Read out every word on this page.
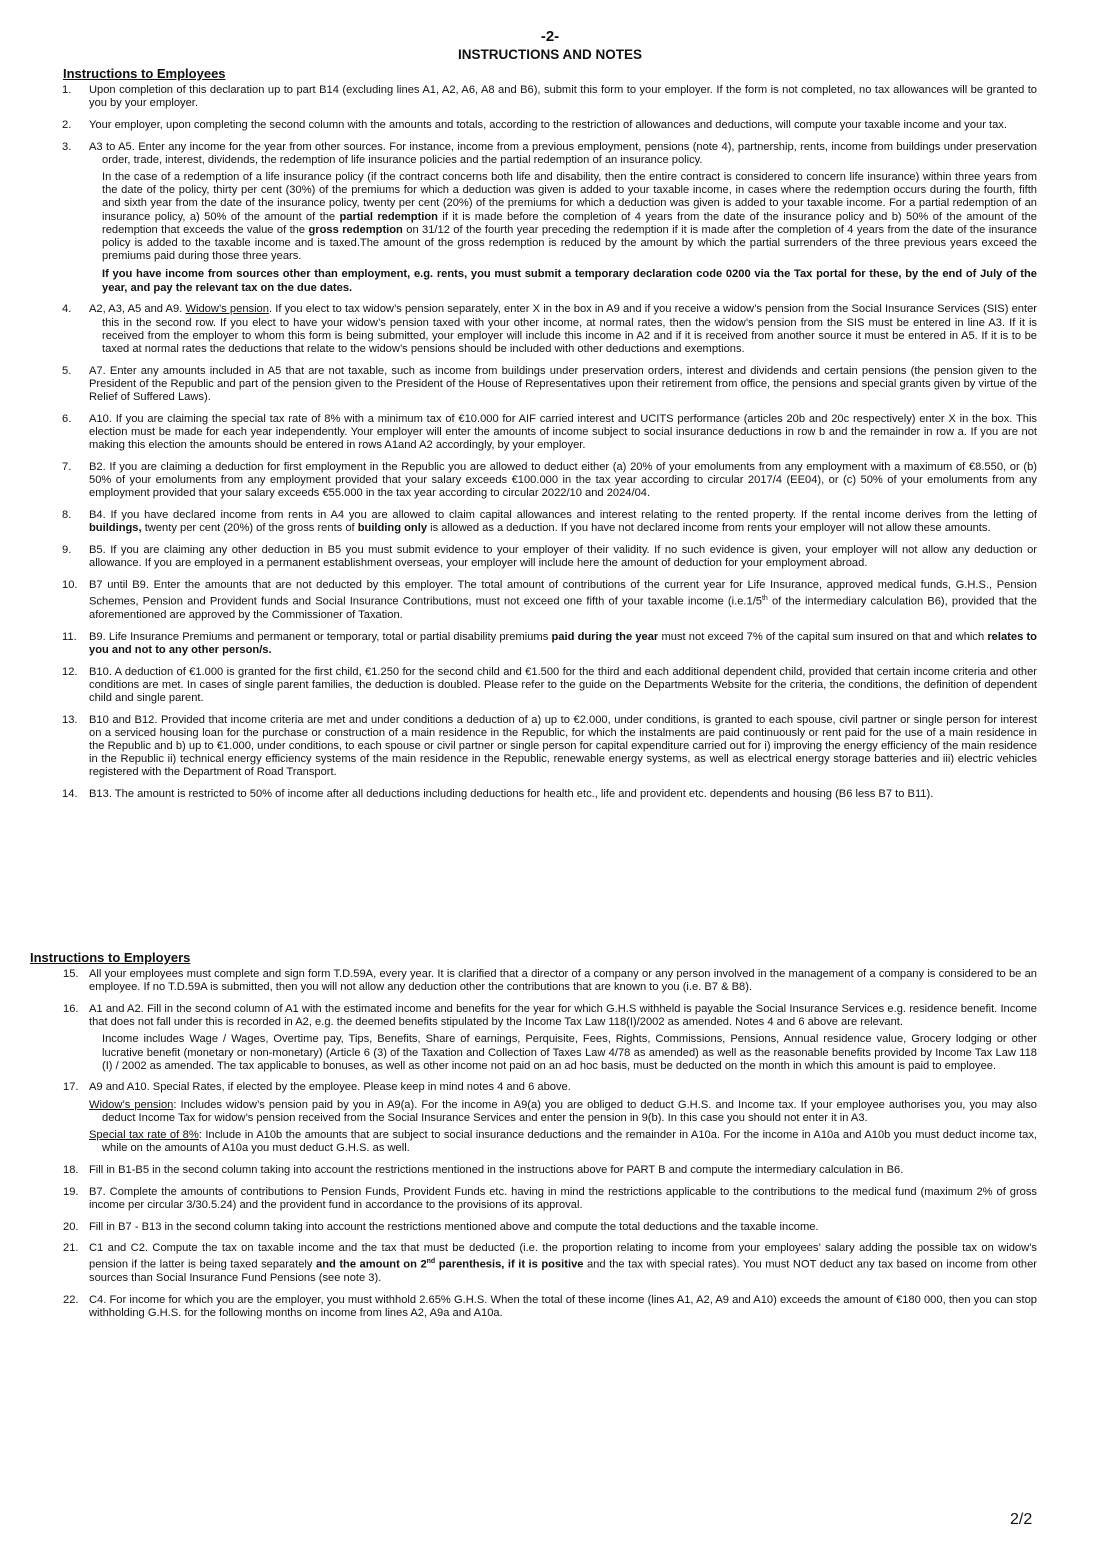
-2-
INSTRUCTIONS AND NOTES
Instructions to Employees
1. Upon completion of this declaration up to part B14 (excluding lines A1, A2, A6, A8 and B6), submit this form to your employer. If the form is not completed, no tax allowances will be granted to you by your employer.
2. Your employer, upon completing the second column with the amounts and totals, according to the restriction of allowances and deductions, will compute your taxable income and your tax.
3. A3 to A5. Enter any income for the year from other sources. For instance, income from a previous employment, pensions (note 4), partnership, rents, income from buildings under preservation order, trade, interest, dividends, the redemption of life insurance policies and the partial redemption of an insurance policy.
In the case of a redemption of a life insurance policy (if the contract concerns both life and disability, then the entire contract is considered to concern life insurance) within three years from the date of the policy, thirty per cent (30%) of the premiums for which a deduction was given is added to your taxable income, in cases where the redemption occurs during the fourth, fifth and sixth year from the date of the insurance policy, twenty per cent (20%) of the premiums for which a deduction was given is added to your taxable income. For a partial redemption of an insurance policy, a) 50% of the amount of the partial redemption if it is made before the completion of 4 years from the date of the insurance policy and b) 50% of the amount of the redemption that exceeds the value of the gross redemption on 31/12 of the fourth year preceding the redemption if it is made after the completion of 4 years from the date of the insurance policy is added to the taxable income and is taxed.The amount of the gross redemption is reduced by the amount by which the partial surrenders of the three previous years exceed the premiums paid during those three years.
If you have income from sources other than employment, e.g. rents, you must submit a temporary declaration code 0200 via the Tax portal for these, by the end of July of the year, and pay the relevant tax on the due dates.
4. A2, A3, A5 and A9. Widow’s pension. If you elect to tax widow’s pension separately, enter X in the box in A9 and if you receive a widow’s pension from the Social Insurance Services (SIS) enter this in the second row. If you elect to have your widow’s pension taxed with your other income, at normal rates, then the widow’s pension from the SIS must be entered in line A3. If it is received from the employer to whom this form is being submitted, your employer will include this income in A2 and if it is received from another source it must be entered in A5. If it is to be taxed at normal rates the deductions that relate to the widow’s pensions should be included with other deductions and exemptions.
5. A7. Enter any amounts included in A5 that are not taxable, such as income from buildings under preservation orders, interest and dividends and certain pensions (the pension given to the President of the Republic and part of the pension given to the President of the House of Representatives upon their retirement from office, the pensions and special grants given by virtue of the Relief of Suffered Laws).
6. A10. If you are claiming the special tax rate of 8% with a minimum tax of €10.000 for AIF carried interest and UCITS performance (articles 20b and 20c respectively) enter X in the box. This election must be made for each year independently. Your employer will enter the amounts of income subject to social insurance deductions in row b and the remainder in row a. If you are not making this election the amounts should be entered in rows A1and A2 accordingly, by your employer.
7. B2. If you are claiming a deduction for first employment in the Republic you are allowed to deduct either (a) 20% of your emoluments from any employment with a maximum of €8.550, or (b) 50% of your emoluments from any employment provided that your salary exceeds €100.000 in the tax year according to circular 2017/4 (EE04), or (c) 50% of your emoluments from any employment provided that your salary exceeds €55.000 in the tax year according to circular 2022/10 and 2024/04.
8. B4. If you have declared income from rents in A4 you are allowed to claim capital allowances and interest relating to the rented property. If the rental income derives from the letting of buildings, twenty per cent (20%) of the gross rents of building only is allowed as a deduction. If you have not declared income from rents your employer will not allow these amounts.
9. B5. If you are claiming any other deduction in B5 you must submit evidence to your employer of their validity. If no such evidence is given, your employer will not allow any deduction or allowance. If you are employed in a permanent establishment overseas, your employer will include here the amount of deduction for your employment abroad.
10. B7 until B9. Enter the amounts that are not deducted by this employer. The total amount of contributions of the current year for Life Insurance, approved medical funds, G.H.S., Pension Schemes, Pension and Provident funds and Social Insurance Contributions, must not exceed one fifth of your taxable income (i.e.1/5th of the intermediary calculation B6), provided that the aforementioned are approved by the Commissioner of Taxation.
11. B9. Life Insurance Premiums and permanent or temporary, total or partial disability premiums paid during the year must not exceed 7% of the capital sum insured on that and which relates to you and not to any other person/s.
12. B10. A deduction of €1.000 is granted for the first child, €1.250 for the second child and €1.500 for the third and each additional dependent child, provided that certain income criteria and other conditions are met. In cases of single parent families, the deduction is doubled. Please refer to the guide on the Departments Website for the criteria, the conditions, the definition of dependent child and single parent.
13. B10 and B12. Provided that income criteria are met and under conditions a deduction of a) up to €2.000, under conditions, is granted to each spouse, civil partner or single person for interest on a serviced housing loan for the purchase or construction of a main residence in the Republic, for which the instalments are paid continuously or rent paid for the use of a main residence in the Republic and b) up to €1.000, under conditions, to each spouse or civil partner or single person for capital expenditure carried out for i) improving the energy efficiency of the main residence in the Republic ii) technical energy efficiency systems of the main residence in the Republic, renewable energy systems, as well as electrical energy storage batteries and iii) electric vehicles registered with the Department of Road Transport.
14. B13. The amount is restricted to 50% of income after all deductions including deductions for health etc., life and provident etc. dependents and housing (B6 less B7 to B11).
Instructions to Employers
15. All your employees must complete and sign form T.D.59A, every year. It is clarified that a director of a company or any person involved in the management of a company is considered to be an employee. If no T.D.59A is submitted, then you will not allow any deduction other the contributions that are known to you (i.e. B7 & B8).
16. A1 and A2. Fill in the second column of A1 with the estimated income and benefits for the year for which G.H.S withheld is payable the Social Insurance Services e.g. residence benefit. Income that does not fall under this is recorded in A2, e.g. the deemed benefits stipulated by the Income Tax Law 118(I)/2002 as amended. Notes 4 and 6 above are relevant.
Income includes Wage / Wages, Overtime pay, Tips, Benefits, Share of earnings, Perquisite, Fees, Rights, Commissions, Pensions, Annual residence value, Grocery lodging or other lucrative benefit (monetary or non-monetary) (Article 6 (3) of the Taxation and Collection of Taxes Law 4/78 as amended) as well as the reasonable benefits provided by Income Tax Law 118 (I) / 2002 as amended. The tax applicable to bonuses, as well as other income not paid on an ad hoc basis, must be deducted on the month in which this amount is paid to employee.
17. A9 and A10. Special Rates, if elected by the employee. Please keep in mind notes 4 and 6 above.
Widow’s pension: Includes widow’s pension paid by you in A9(a). For the income in A9(a) you are obliged to deduct G.H.S. and Income tax. If your employee authorises you, you may also deduct Income Tax for widow’s pension received from the Social Insurance Services and enter the pension in 9(b). In this case you should not enter it in A3.
Special tax rate of 8%: Include in A10b the amounts that are subject to social insurance deductions and the remainder in A10a. For the income in A10a and A10b you must deduct income tax, while on the amounts of A10a you must deduct G.H.S. as well.
18. Fill in B1-B5 in the second column taking into account the restrictions mentioned in the instructions above for PART B and compute the intermediary calculation in B6.
19. B7. Complete the amounts of contributions to Pension Funds, Provident Funds etc. having in mind the restrictions applicable to the contributions to the medical fund (maximum 2% of gross income per circular 3/30.5.24) and the provident fund in accordance to the provisions of its approval.
20. Fill in B7 - B13 in the second column taking into account the restrictions mentioned above and compute the total deductions and the taxable income.
21. C1 and C2. Compute the tax on taxable income and the tax that must be deducted (i.e. the proportion relating to income from your employees’ salary adding the possible tax on widow’s pension if the latter is being taxed separately and the amount on 2nd parenthesis, if it is positive and the tax with special rates). You must NOT deduct any tax based on income from other sources than Social Insurance Fund Pensions (see note 3).
22. C4. For income for which you are the employer, you must withhold 2.65% G.H.S. When the total of these income (lines A1, A2, A9 and A10) exceeds the amount of €180 000, then you can stop withholding G.H.S. for the following months on income from lines A2, A9a and A10a.
2/2
